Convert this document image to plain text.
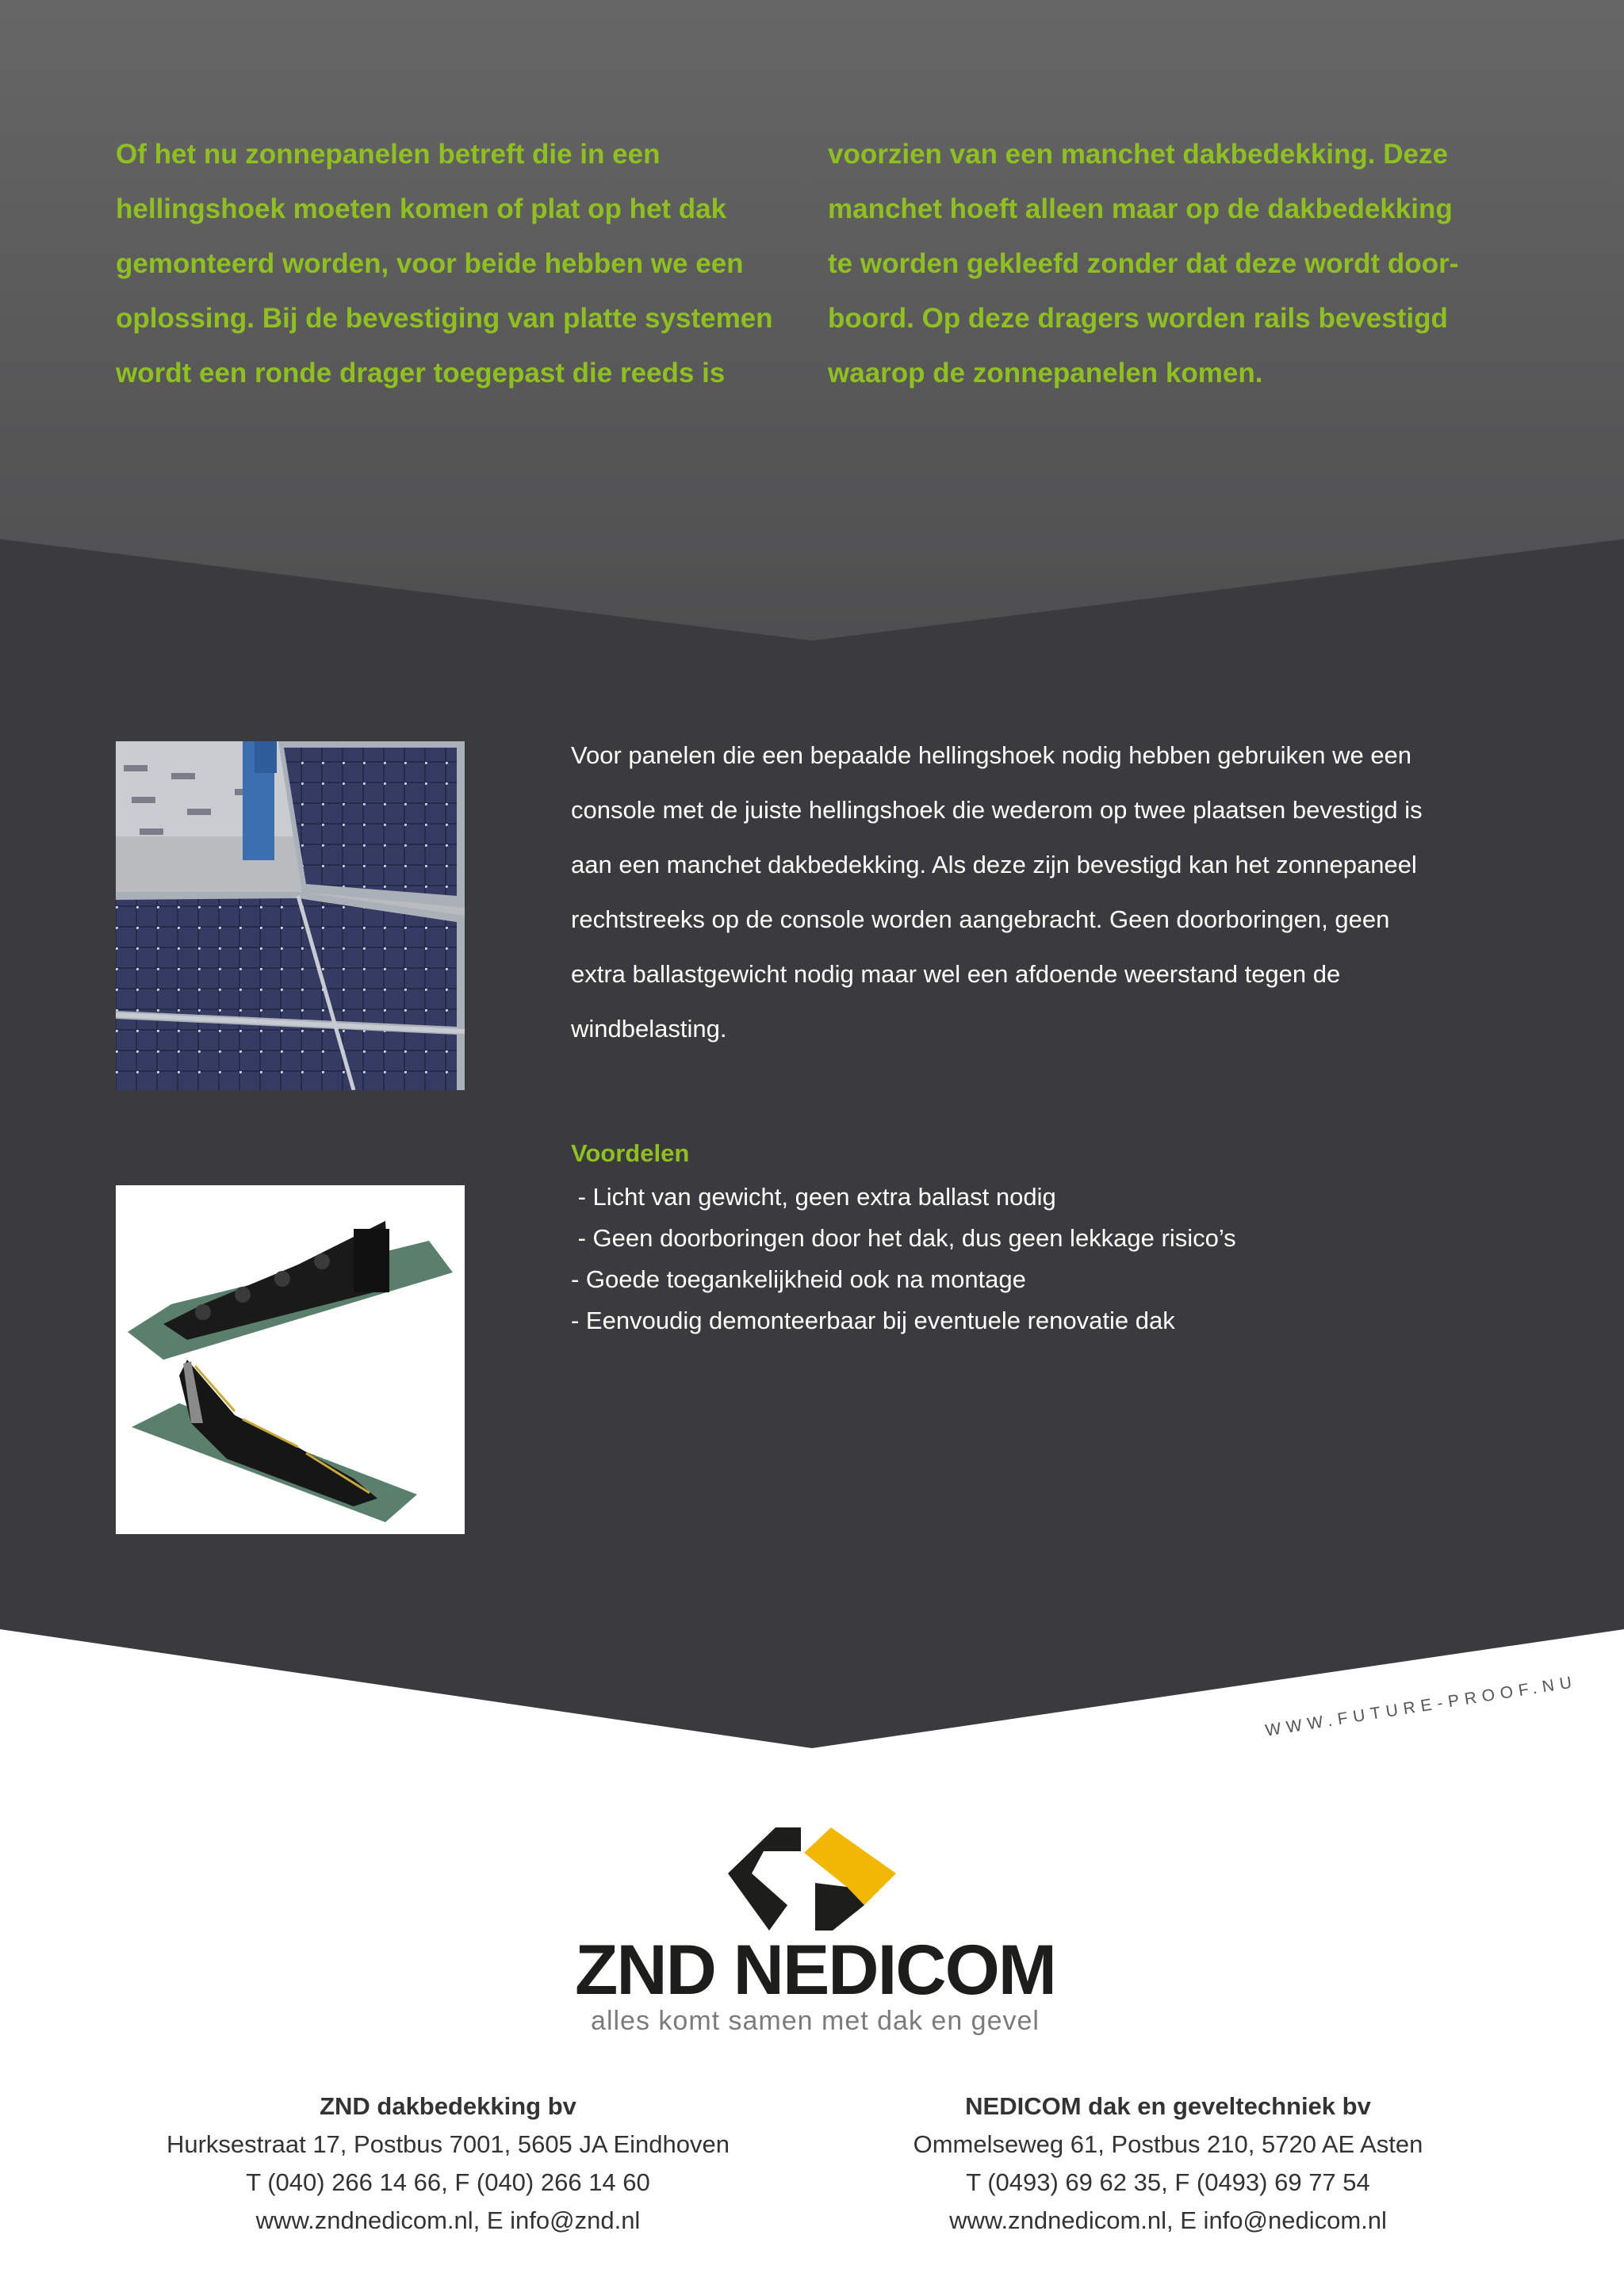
Of het nu zonnepanelen betreft die in een
hellingshoek moeten komen of plat op het dak
gemonteerd worden, voor beide hebben we een
oplossing. Bij de bevestiging van platte systemen
wordt een ronde drager toegepast die reeds is
voorzien van een manchet dakbedekking. Deze
manchet hoeft alleen maar op de dakbedekking
te worden gekleefd zonder dat deze wordt door-
boord. Op deze dragers worden rails bevestigd
waarop de zonnepanelen komen.
Voor panelen die een bepaalde hellingshoek nodig hebben gebruiken we een
console met de juiste hellingshoek die wederom op twee plaatsen bevestigd is
aan een manchet dakbedekking. Als deze zijn bevestigd kan het zonnepaneel
rechtstreeks op de console worden aangebracht. Geen doorboringen, geen
extra ballastgewicht nodig maar wel een afdoende weerstand tegen de
windbelasting.
Voordelen
- Licht van gewicht, geen extra ballast nodig
- Geen doorboringen door het dak, dus geen lekkage risico’s
- Goede toegankelijkheid ook na montage
- Eenvoudig demonteerbaar bij eventuele renovatie dak
WWW.FUTURE-PROOF.NU
ZND NEDICOM
alles komt samen met dak en gevel
ZND dakbedekking bv
Hurksestraat 17, Postbus 7001, 5605 JA Eindhoven
T (040) 266 14 66, F (040) 266 14 60
www.zndnedicom.nl, E info@znd.nl
NEDICOM dak en geveltechniek bv
Ommelseweg 61, Postbus 210, 5720 AE Asten
T (0493) 69 62 35, F (0493) 69 77 54
www.zndnedicom.nl, E info@nedicom.nl
